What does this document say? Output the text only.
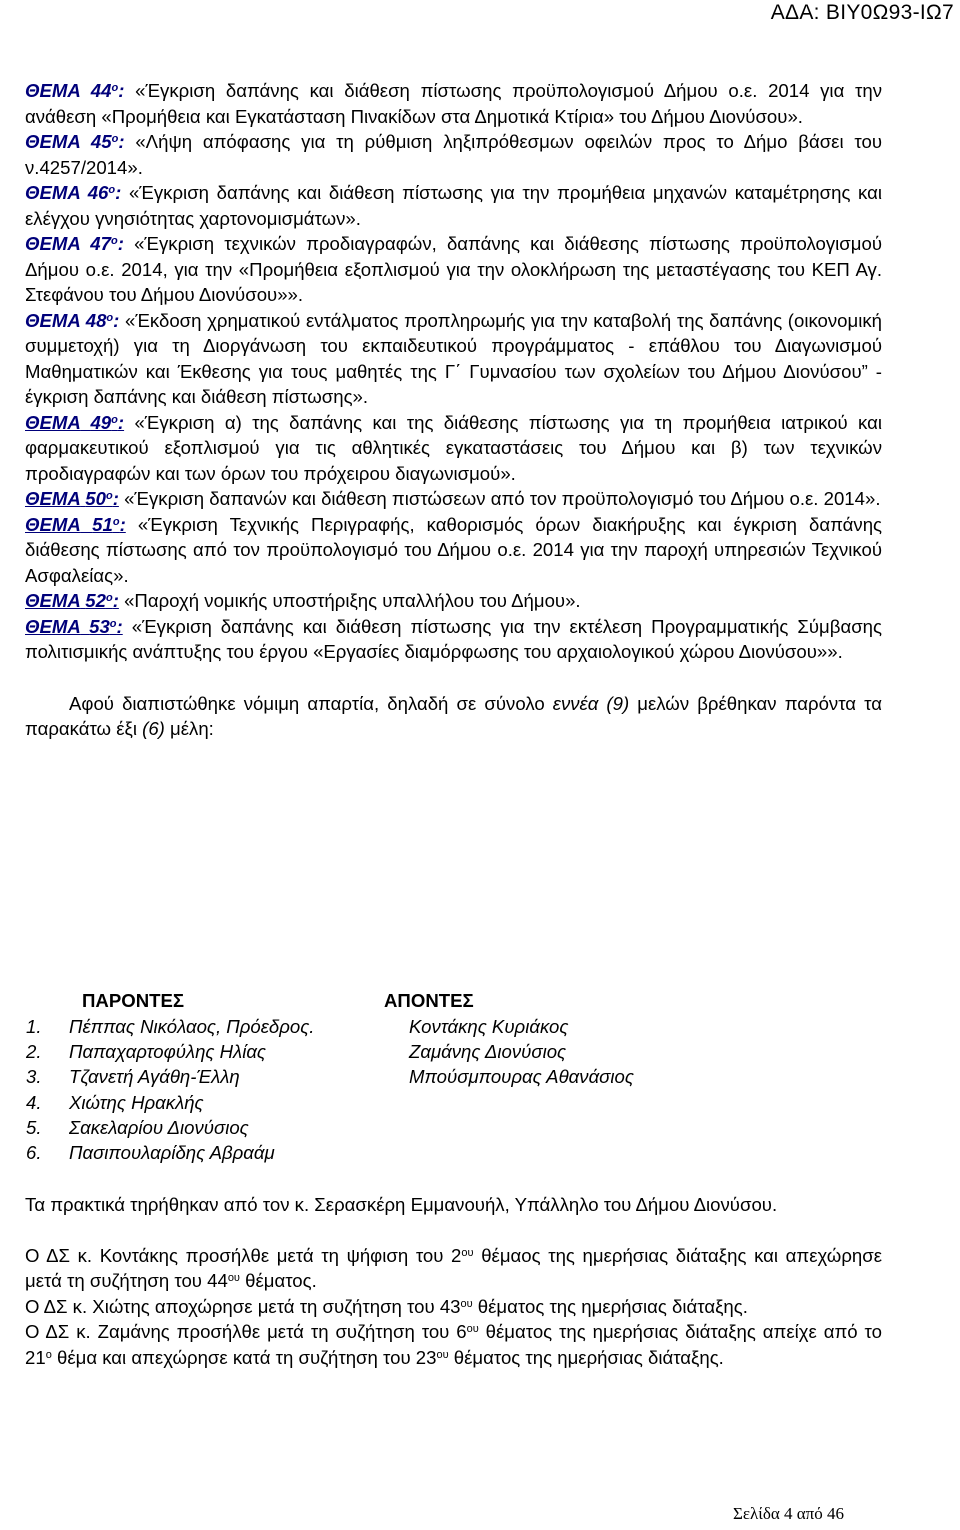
ΑΔΑ: ΒΙΥ0Ω93-ΙΩ7

ΘΕΜΑ $44^o$: «Έγκριση δαπάνης και διάθεση πίστωσης προϋπολογισμού Δήμου ο.ε. 2014 για την ανάθεση «Προμήθεια και Εγκατάσταση Πινακίδων στα Δημοτικά Κτίρια» του Δήμου Διονύσου».

ΘΕΜΑ $45^o$: «Λήψη απόφασης για τη ρύθμιση ληξιπρόθεσμων οφειλών προς το Δήμο βάσει του ν.4257/2014».

ΘΕΜΑ $46^o$: «Έγκριση δαπάνης και διάθεση πίστωσης για την προμήθεια μηχανών καταμέτρησης και ελέγχου γνησιότητας χαρτονομισμάτων».

ΘΕΜΑ $47^o$: «Έγκριση τεχνικών προδιαγραφών, δαπάνης και διάθεσης πίστωσης προϋπολογισμού Δήμου ο.ε. 2014, για την «Προμήθεια εξοπλισμού για την ολοκλήρωση της μεταστέγασης του ΚΕΠ Αγ. Στεφάνου του Δήμου Διονύσου»».

ΘΕΜΑ $48^o$: «Έκδοση χρηματικού εντάλματος προπληρωμής για την καταβολή της δαπάνης (οικονομική συμμετοχή) για τη Διοργάνωση του εκπαιδευτικού προγράμματος - επάθλου του Διαγωνισμού Μαθηματικών και Έκθεσης για τους μαθητές της Γ΄ Γυμνασίου των σχολείων του Δήμου Διονύσου” - έγκριση δαπάνης και διάθεση πίστωσης».

ΘΕΜΑ $49^o$: «Έγκριση α) της δαπάνης και της διάθεσης πίστωσης για τη προμήθεια ιατρικού και φαρμακευτικού εξοπλισμού για τις αθλητικές εγκαταστάσεις του Δήμου και β) των τεχνικών προδιαγραφών και των όρων του πρόχειρου διαγωνισμού».

ΘΕΜΑ $50^o$: «Έγκριση δαπανών και διάθεση πιστώσεων από τον προϋπολογισμό του Δήμου ο.ε. 2014».

ΘΕΜΑ $51^o$: «Έγκριση Τεχνικής Περιγραφής, καθορισμός όρων διακήρυξης και έγκριση δαπάνης διάθεσης πίστωσης από τον προϋπολογισμό του Δήμου ο.ε. 2014 για την παροχή υπηρεσιών Τεχνικού Ασφαλείας».

ΘΕΜΑ $52^o$: «Παροχή νομικής υποστήριξης υπαλλήλου του Δήμου».

ΘΕΜΑ $53^o$: «Έγκριση δαπάνης και διάθεση πίστωσης για την εκτέλεση Προγραμματικής Σύμβασης πολιτισμικής ανάπτυξης του έργου «Εργασίες διαμόρφωσης του αρχαιολογικού χώρου Διονύσου»».

Αφού διαπιστώθηκε νόμιμη απαρτία, δηλαδή σε σύνολο εννέα (9) μελών βρέθηκαν παρόντα τα παρακάτω έξι (6) μέλη:

ΠΑΡΟΝΤΕΣ	ΑΠΟΝΤΕΣ
1. Πέππας Νικόλαος, Πρόεδρος.	Κοντάκης Κυριάκος
2. Παπαχαρτοφύλης Ηλίας	Ζαμάνης Διονύσιος
3. Τζανετή Αγάθη-Έλλη	Μπούσμπουρας Αθανάσιος
4. Χιώτης Ηρακλής
5. Σακελαρίου Διονύσιος
6. Πασιπουλαρίδης Αβραάμ

Τα πρακτικά τηρήθηκαν από τον κ. Σερασκέρη Εμμανουήλ, Υπάλληλο του Δήμου Διονύσου.

Ο ΔΣ κ. Κοντάκης προσήλθε μετά τη ψήφιση του $2^{o\upsilon}$ θέμαος της ημερήσιας διάταξης και απεχώρησε μετά τη συζήτηση του $44^{o\upsilon}$ θέματος.

Ο ΔΣ κ. Χιώτης αποχώρησε μετά τη συζήτηση του $43^{o\upsilon}$ θέματος της ημερήσιας διάταξης.

Ο ΔΣ κ. Ζαμάνης προσήλθε μετά τη συζήτηση του $6^{o\upsilon}$ θέματος της ημερήσιας διάταξης απείχε από το $21^o$ θέμα και απεχώρησε κατά τη συζήτηση του $23^{o\upsilon}$ θέματος της ημερήσιας διάταξης.

Σελίδα 4 από 46
